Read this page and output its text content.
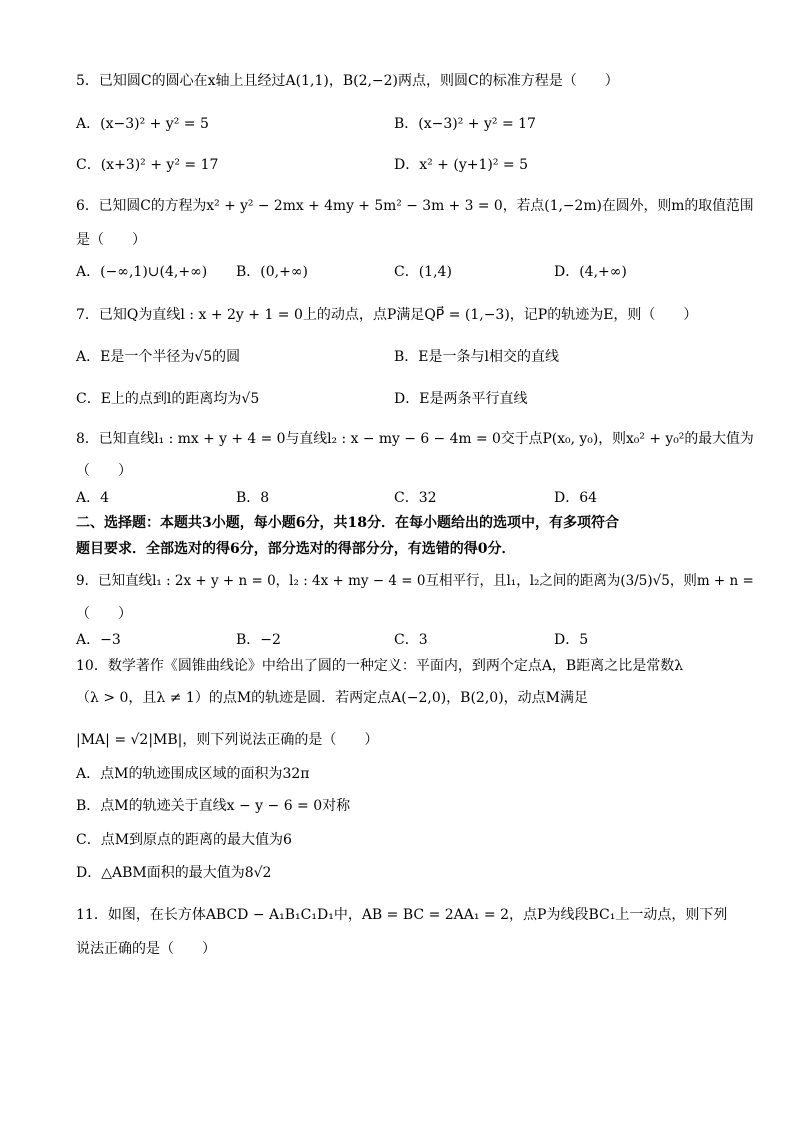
5．已知圆C的圆心在x轴上且经过A(1,1)，B(2,−2)两点，则圆C的标准方程是（　　）
A．(x−3)² + y² = 5	B．(x−3)² + y² = 17
C．(x+3)² + y² = 17	D．x² + (y+1)² = 5
6．已知圆C的方程为x² + y² − 2mx + 4my + 5m² − 3m + 3 = 0，若点(1,−2m)在圆外，则m的取值范围
是（　　）
A．(−∞,1)∪(4,+∞) B．(0,+∞)	C．(1,4)	D．(4,+∞)
7．已知Q为直线l : x + 2y + 1 = 0上的动点，点P满足QP⃗ = (1,−3)，记P的轨迹为E，则（　　）
A．E是一个半径为√5的圆	B．E是一条与l相交的直线
C．E上的点到l的距离均为√5	D．E是两条平行直线
8．已知直线l₁ : mx + y + 4 = 0与直线l₂ : x − my − 6 − 4m = 0交于点P(x₀, y₀)，则x₀² + y₀²的最大值为
（　　）
A．4	B．8	C．32	D．64
二、选择题：本题共3小题，每小题6分，共18分．在每小题给出的选项中，有多项符合
题目要求．全部选对的得6分，部分选对的得部分分，有选错的得0分．
9．已知直线l₁ : 2x + y + n = 0，l₂ : 4x + my − 4 = 0互相平行，且l₁，l₂之间的距离为(3/5)√5，则m + n =
（　　）
A．−3	B．−2	C．3	D．5
10．数学著作《圆锥曲线论》中给出了圆的一种定义：平面内，到两个定点A，B距离之比是常数λ
（λ > 0，且λ ≠ 1）的点M的轨迹是圆．若两定点A(−2,0)，B(2,0)，动点M满足
|MA| = √2|MB|，则下列说法正确的是（　　）
A．点M的轨迹围成区域的面积为32π
B．点M的轨迹关于直线x − y − 6 = 0对称
C．点M到原点的距离的最大值为6
D．△ABM面积的最大值为8√2
11．如图，在长方体ABCD − A₁B₁C₁D₁中，AB = BC = 2AA₁ = 2，点P为线段BC₁上一动点，则下列
说法正确的是（　　）
